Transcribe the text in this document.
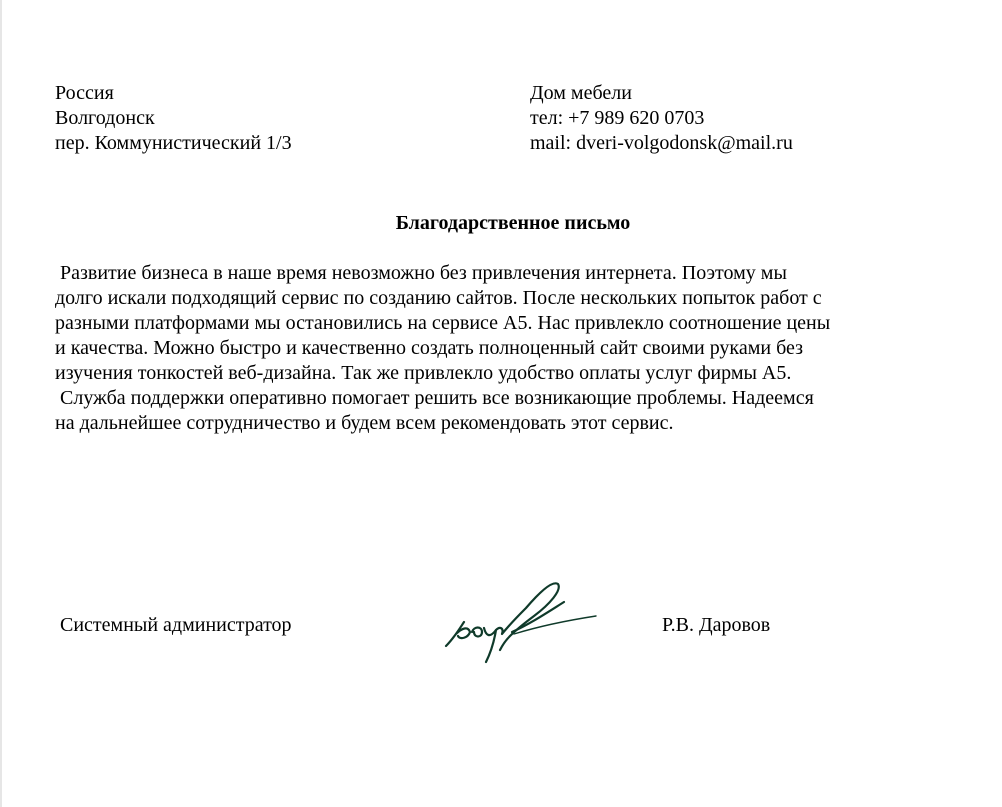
Россия
Волгодонск
пер. Коммунистический 1/3
Дом мебели
тел: +7 989 620 0703
mail: dveri-volgodonsk@mail.ru
Благодарственное письмо
Развитие бизнеса в наше время невозможно без привлечения интернета. Поэтому мы
долго искали подходящий сервис по созданию сайтов. После нескольких попыток работ с
разными платформами мы остановились на сервисе А5. Нас привлекло соотношение цены
и качества. Можно быстро и качественно создать полноценный сайт своими руками без
изучения тонкостей веб-дизайна. Так же привлекло удобство оплаты услуг фирмы А5.
Служба поддержки оперативно помогает решить все возникающие проблемы. Надеемся
на дальнейшее сотрудничество и будем всем рекомендовать этот сервис.
Системный администратор	Р.В. Даровов
